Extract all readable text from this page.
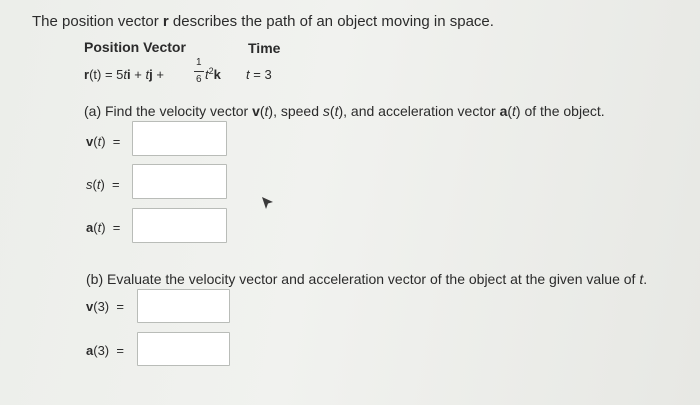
The position vector r describes the path of an object moving in space.
Position Vector	Time
r(t) = 5ti + tj +
1
6 $t^2k$ t = 3
(a) Find the velocity vector v(t), speed s(t), and acceleration vector a(t) of the object.
v(t)  =
s(t)  =
a(t)  =
(b) Evaluate the velocity vector and acceleration vector of the object at the given value of t.
v(3)  =
a(3)  =
